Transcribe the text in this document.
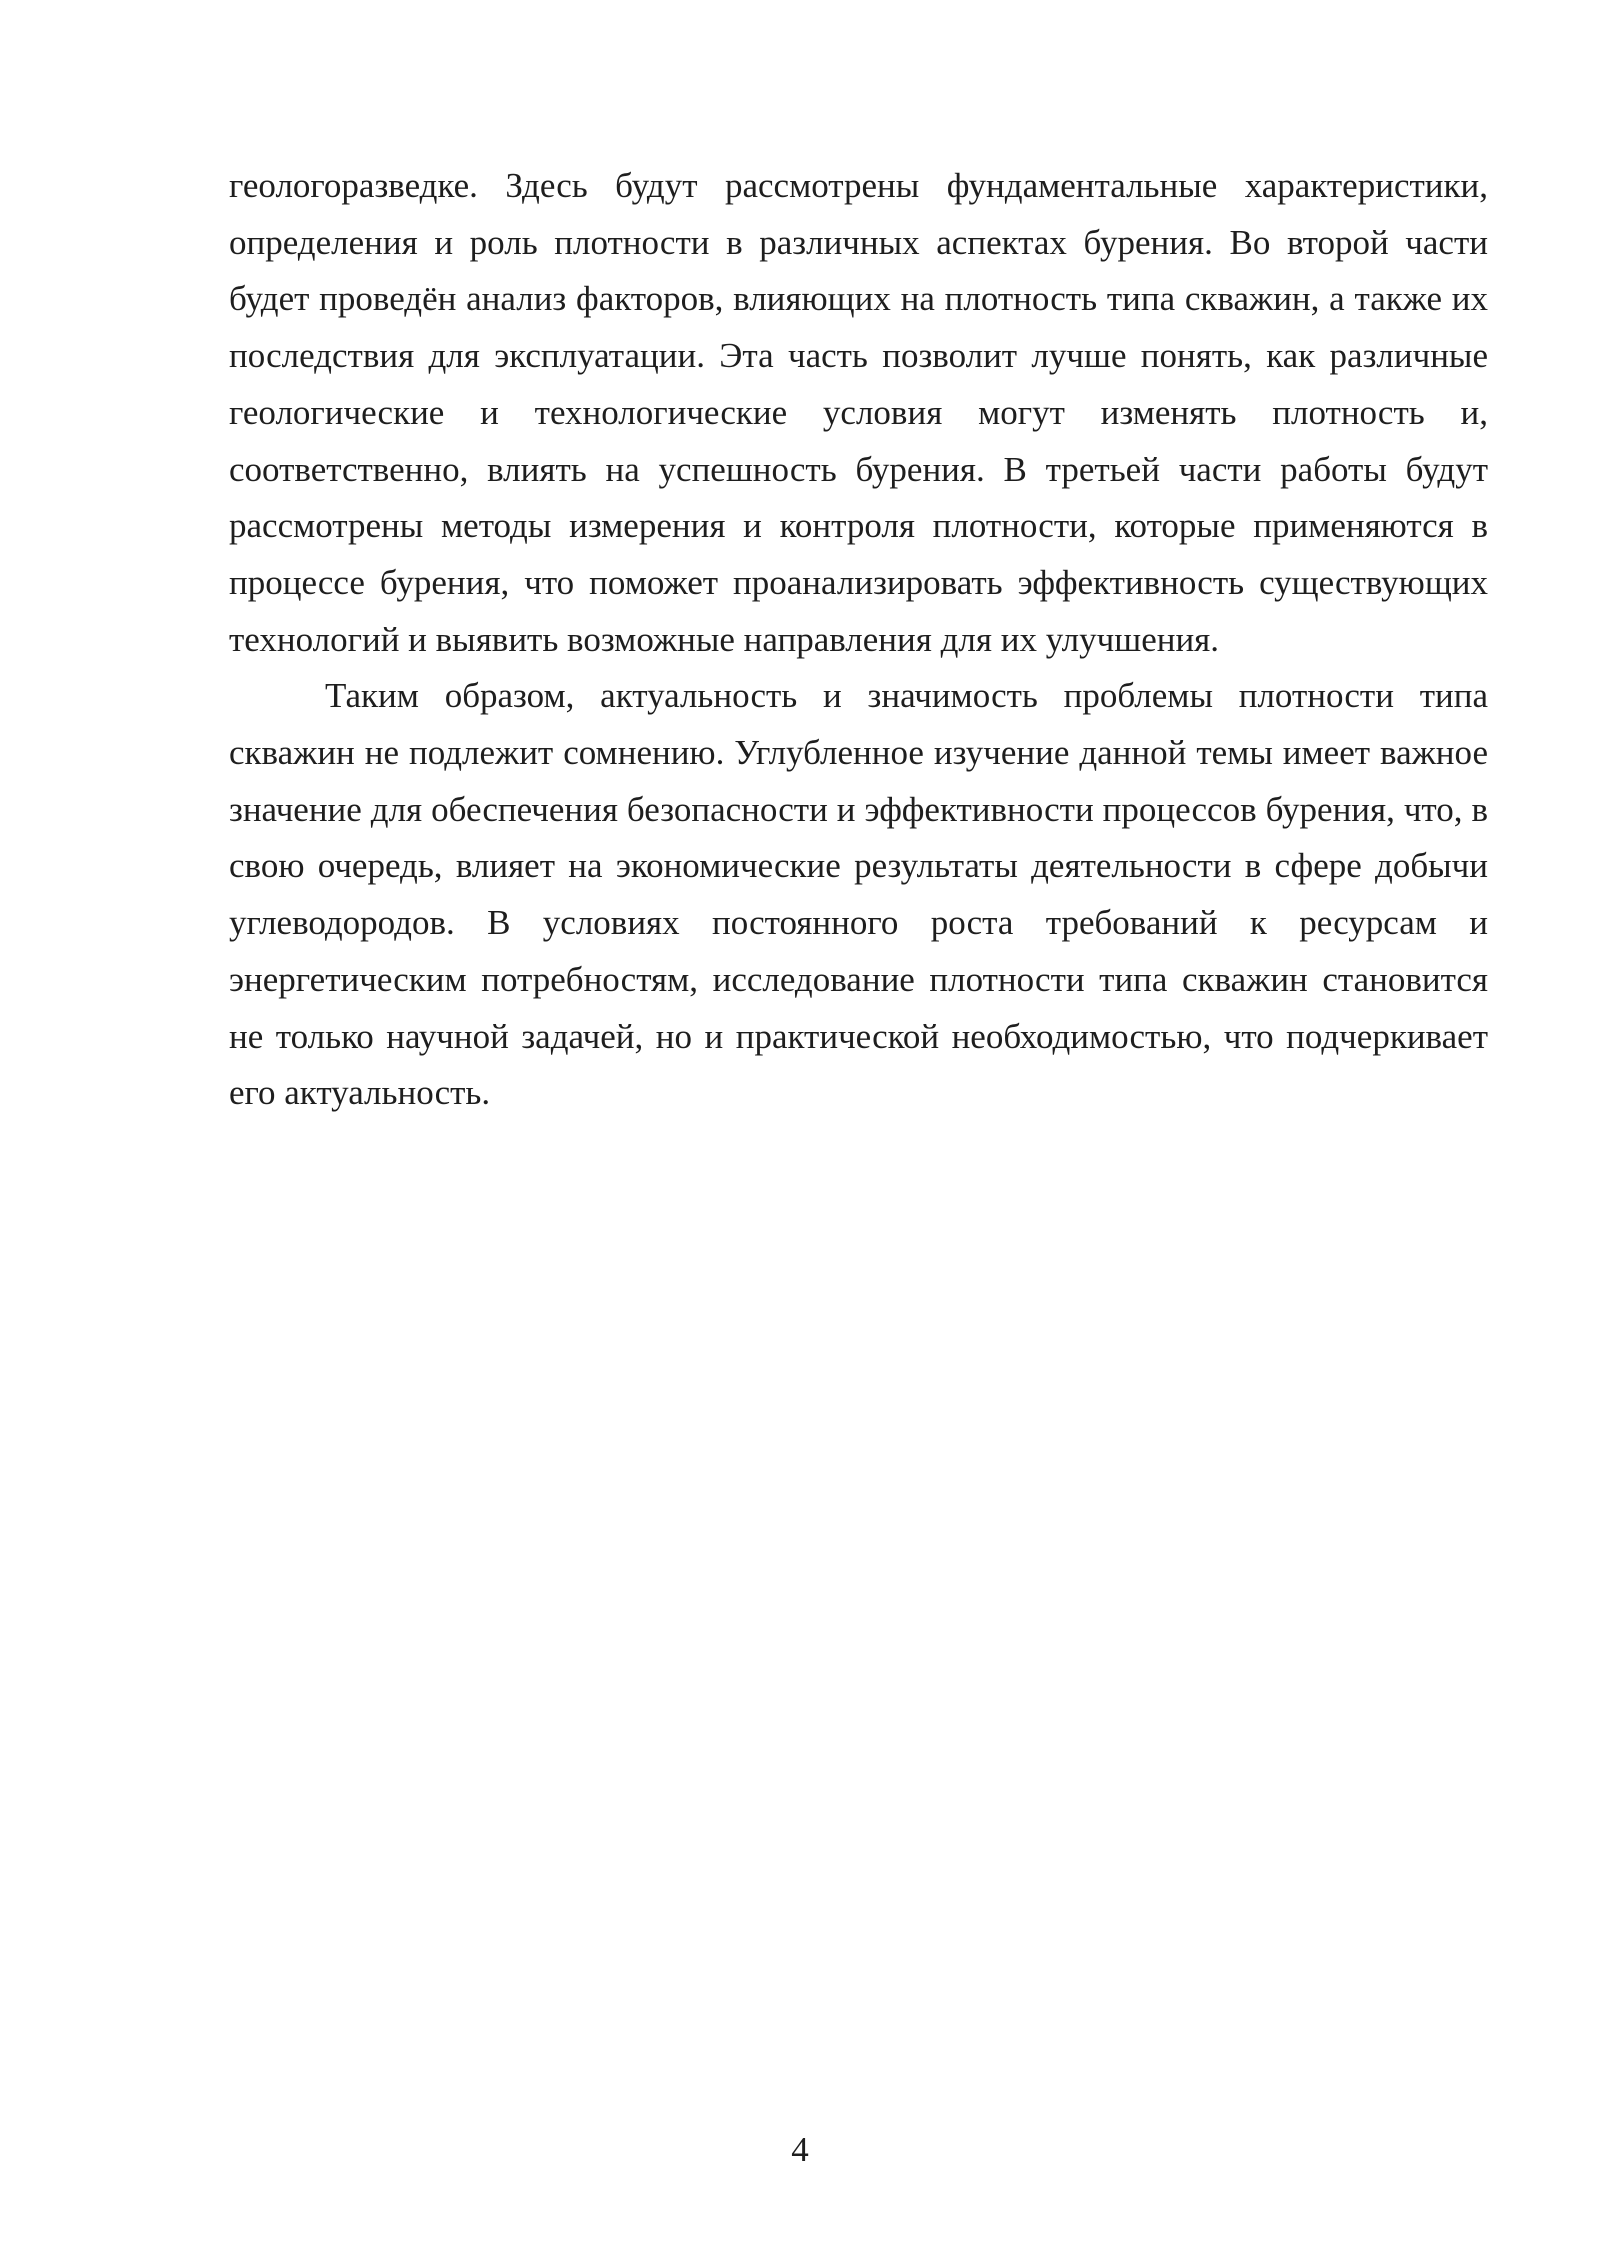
геологоразведке. Здесь будут рассмотрены фундаментальные характеристики, определения и роль плотности в различных аспектах бурения. Во второй части будет проведён анализ факторов, влияющих на плотность типа скважин, а также их последствия для эксплуатации. Эта часть позволит лучше понять, как различные геологические и технологические условия могут изменять плотность и, соответственно, влиять на успешность бурения. В третьей части работы будут рассмотрены методы измерения и контроля плотности, которые применяются в процессе бурения, что поможет проанализировать эффективность существующих технологий и выявить возможные направления для их улучшения.

Таким образом, актуальность и значимость проблемы плотности типа скважин не подлежит сомнению. Углубленное изучение данной темы имеет важное значение для обеспечения безопасности и эффективности процессов бурения, что, в свою очередь, влияет на экономические результаты деятельности в сфере добычи углеводородов. В условиях постоянного роста требований к ресурсам и энергетическим потребностям, исследование плотности типа скважин становится не только научной задачей, но и практической необходимостью, что подчеркивает его актуальность.

4
